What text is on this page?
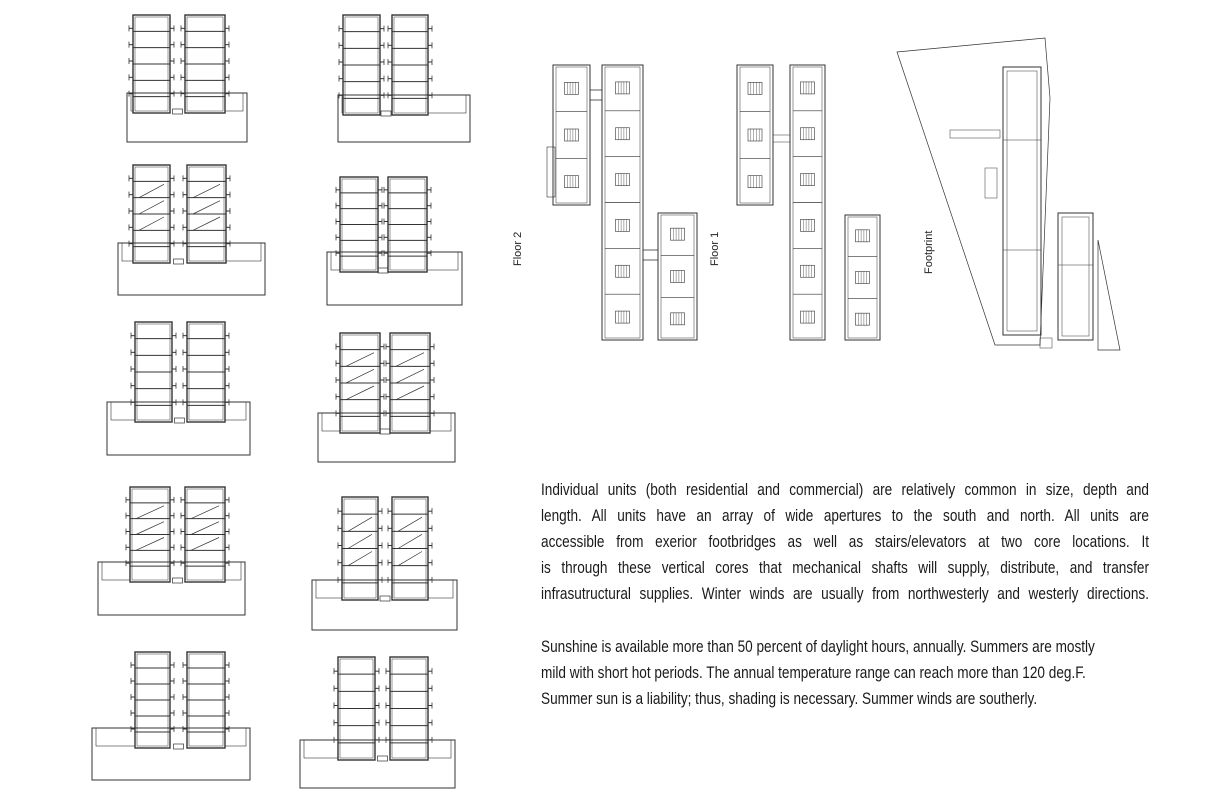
Floor 2	Floor 1	Footprint
Individual units (both residential and commercial) are relatively common in size, depth and
length. All units have an array of wide apertures to the south and north. All units are
accessible from exerior footbridges as well as stairs/elevators at two core locations. It
is through these vertical cores that mechanical shafts will supply, distribute, and transfer
infrasutructural supplies. Winter winds are usually from northwesterly and westerly directions.
Sunshine is available more than 50 percent of daylight hours, annually. Summers are mostly
mild with short hot periods. The annual temperature range can reach more than 120 deg.F.
Summer sun is a liability; thus, shading is necessary. Summer winds are southerly.
